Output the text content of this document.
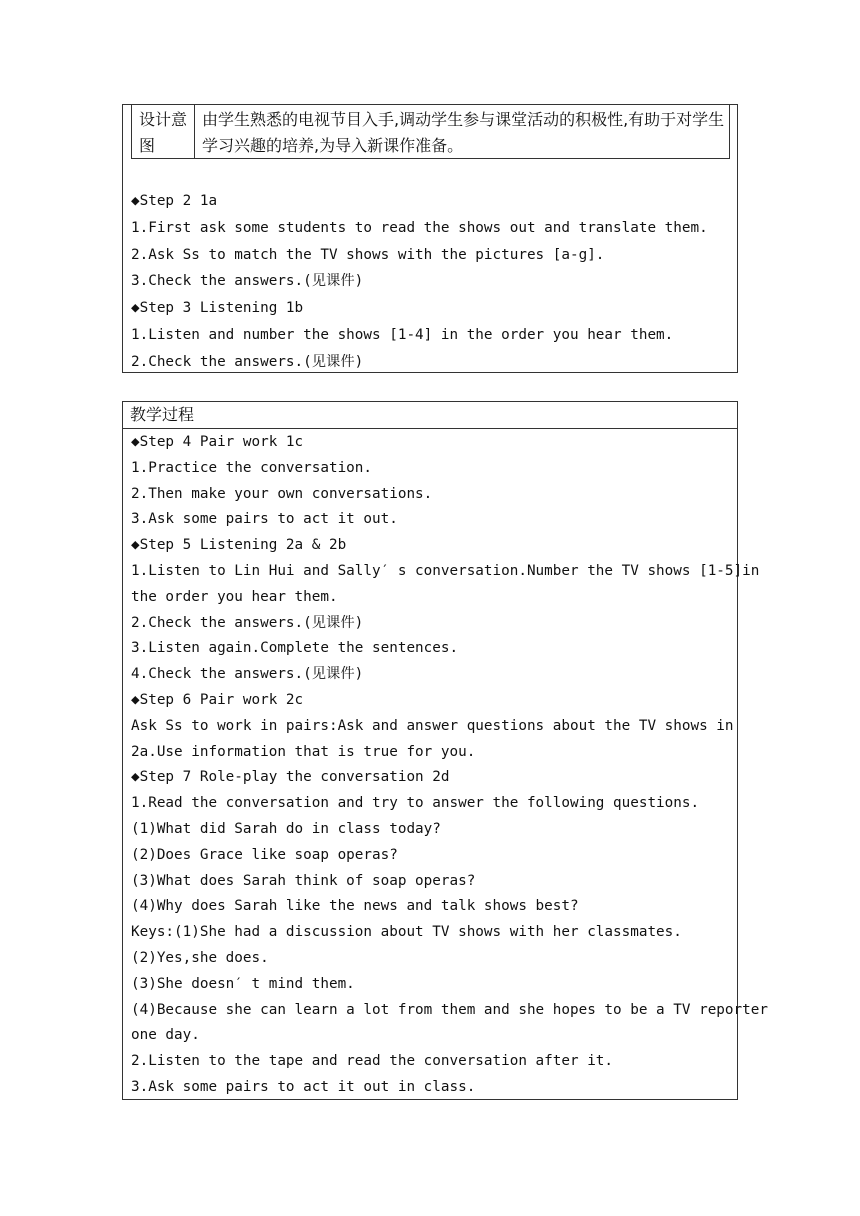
设计意图
由学生熟悉的电视节目入手,调动学生参与课堂活动的积极性,有助于对学生学习兴趣的培养,为导入新课作准备。
◆Step 2 1a
1.First ask some students to read the shows out and translate them.
2.Ask Ss to match the TV shows with the pictures [a-g].
3.Check the answers.(见课件)
◆Step 3 Listening 1b
1.Listen and number the shows [1-4] in the order you hear them.
2.Check the answers.(见课件)
教学过程
◆Step 4 Pair work 1c
1.Practice the conversation.
2.Then make your own conversations.
3.Ask some pairs to act it out.
◆Step 5 Listening 2a & 2b
1.Listen to Lin Hui and Sally′ s conversation.Number the TV shows [1-5]in
the order you hear them.
2.Check the answers.(见课件)
3.Listen again.Complete the sentences.
4.Check the answers.(见课件)
◆Step 6 Pair work 2c
Ask Ss to work in pairs:Ask and answer questions about the TV shows in
2a.Use information that is true for you.
◆Step 7 Role-play the conversation 2d
1.Read the conversation and try to answer the following questions.
(1)What did Sarah do in class today?
(2)Does Grace like soap operas?
(3)What does Sarah think of soap operas?
(4)Why does Sarah like the news and talk shows best?
Keys:(1)She had a discussion about TV shows with her classmates.
(2)Yes,she does.
(3)She doesn′ t mind them.
(4)Because she can learn a lot from them and she hopes to be a TV reporter
one day.
2.Listen to the tape and read the conversation after it.
3.Ask some pairs to act it out in class.
